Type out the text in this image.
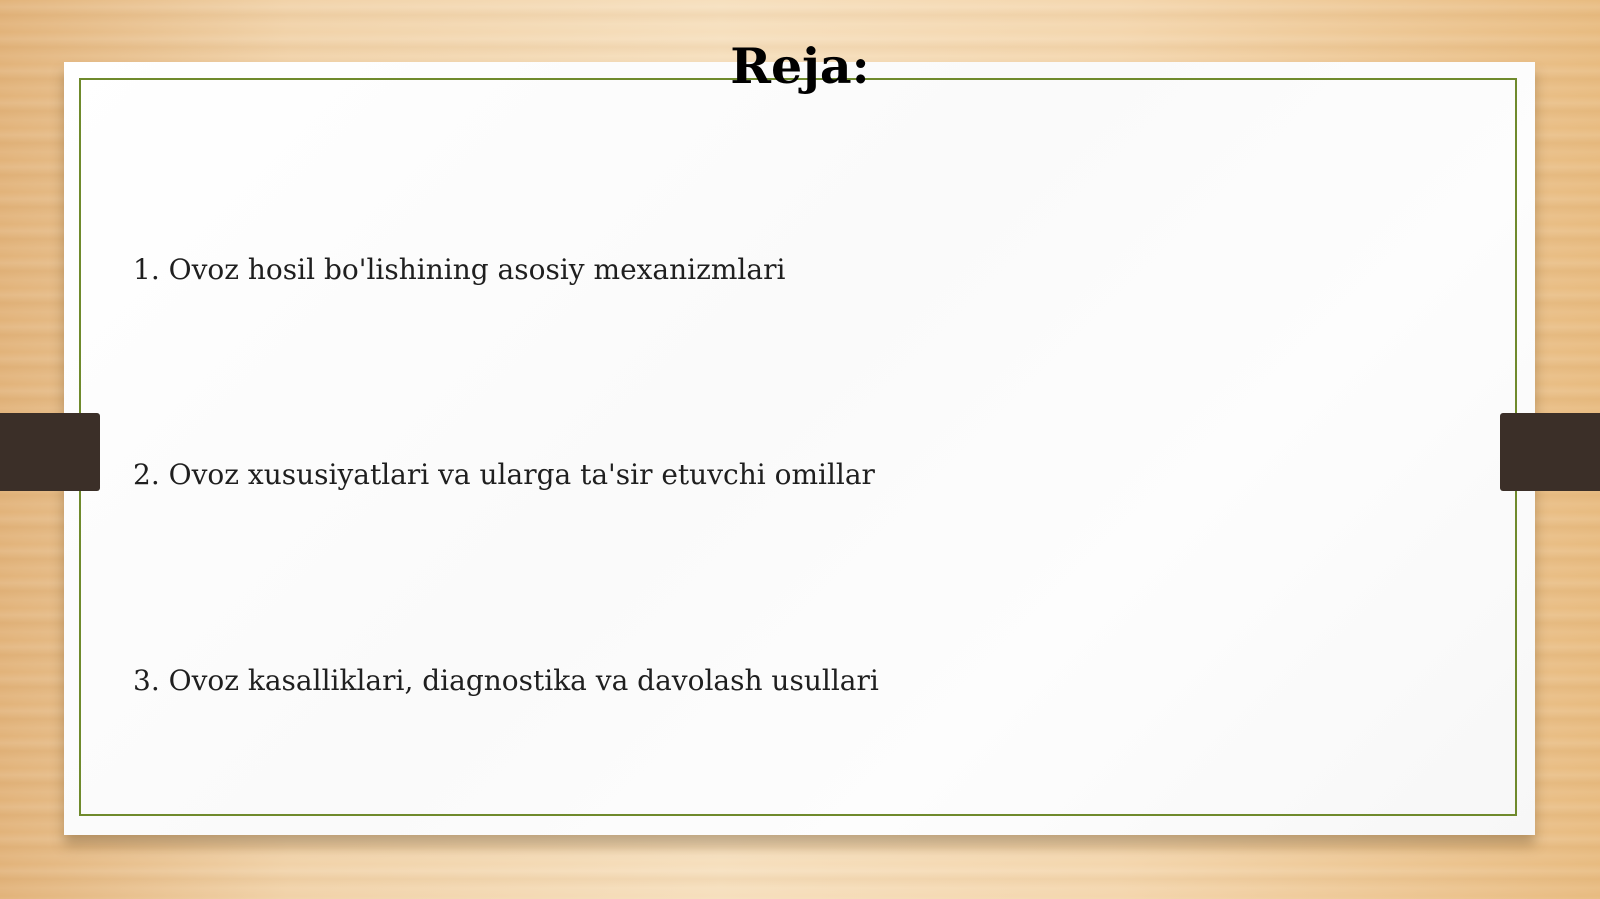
Reja:
1. Ovoz hosil bo'lishining asosiy mexanizmlari
2. Ovoz xususiyatlari va ularga ta'sir etuvchi omillar
3. Ovoz kasalliklari, diagnostika va davolash usullari
